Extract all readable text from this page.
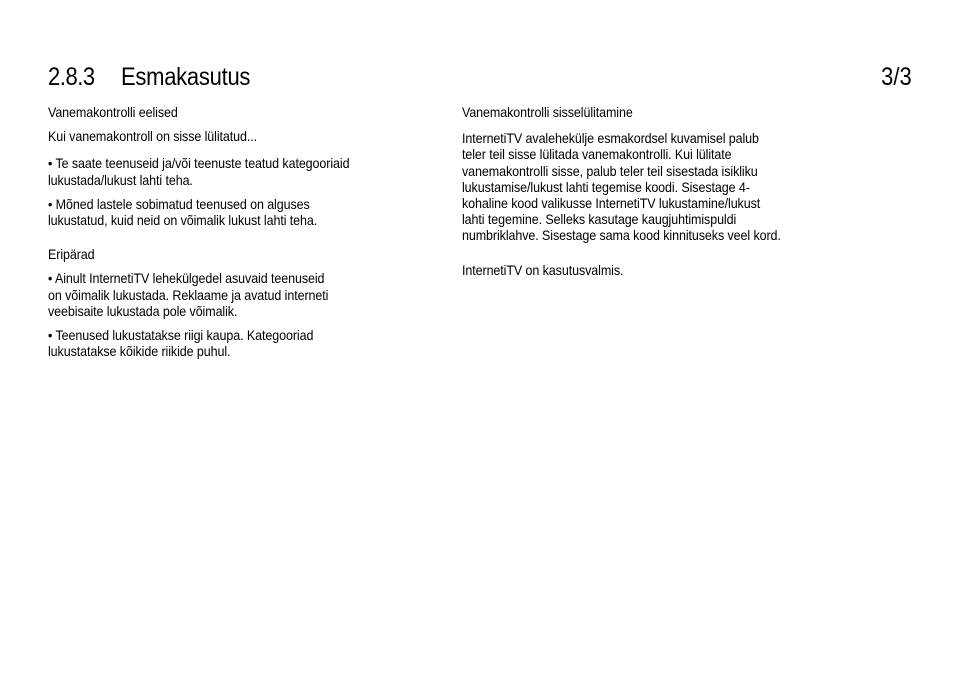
2.8.3 Esmakasutus	3/3

Vanemakontrolli eelised

Kui vanemakontroll on sisse lülitatud...

• Te saate teenuseid ja/või teenuste teatud kategooriaid

lukustada/lukust lahti teha.

• Mõned lastele sobimatud teenused on alguses

lukustatud, kuid neid on võimalik lukust lahti teha.

Eripärad

• Ainult InternetiTV lehekülgedel asuvaid teenuseid

on võimalik lukustada. Reklaame ja avatud interneti

veebisaite lukustada pole võimalik.

• Teenused lukustatakse riigi kaupa. Kategooriad

lukustatakse kõikide riikide puhul.

Vanemakontrolli sisselülitamine

InternetiTV avalehekülje esmakordsel kuvamisel palub

teler teil sisse lülitada vanemakontrolli. Kui lülitate

vanemakontrolli sisse, palub teler teil sisestada isikliku

lukustamise/lukust lahti tegemise koodi. Sisestage 4-

kohaline kood valikusse InternetiTV lukustamine/lukust

lahti tegemine. Selleks kasutage kaugjuhtimispuldi

numbriklahve. Sisestage sama kood kinnituseks veel kord.

InternetiTV on kasutusvalmis.
